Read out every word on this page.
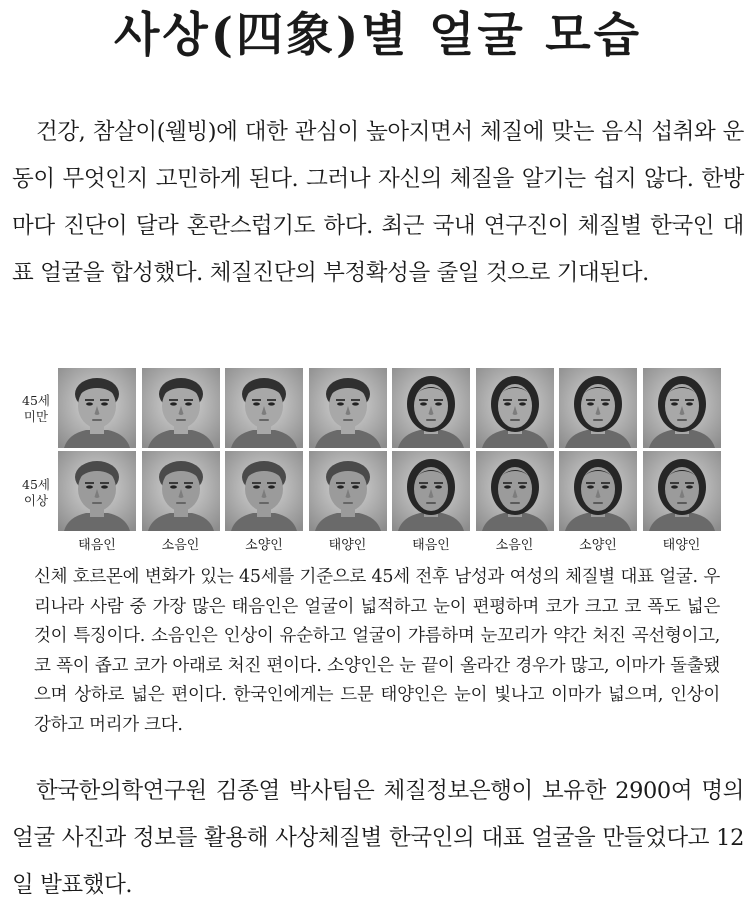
사상(四象)별 얼굴 모습

건강, 참살이(웰빙)에 대한 관심이 높아지면서 체질에 맞는 음식 섭취와 운동이 무엇인지 고민하게 된다. 그러나 자신의 체질을 알기는 쉽지 않다. 한방마다 진단이 달라 혼란스럽기도 하다. 최근 국내 연구진이 체질별 한국인 대표 얼굴을 합성했다. 체질진단의 부정확성을 줄일 것으로 기대된다.

45세
미만
45세
이상
태음인	소음인	소양인	태양인	태음인	소음인	소양인	태양인

신체 호르몬에 변화가 있는 45세를 기준으로 45세 전후 남성과 여성의 체질별 대표 얼굴. 우리나라 사람 중 가장 많은 태음인은 얼굴이 넓적하고 눈이 편평하며 코가 크고 코 폭도 넓은 것이 특징이다. 소음인은 인상이 유순하고 얼굴이 갸름하며 눈꼬리가 약간 처진 곡선형이고, 코 폭이 좁고 코가 아래로 처진 편이다. 소양인은 눈 끝이 올라간 경우가 많고, 이마가 돌출됐으며 상하로 넓은 편이다. 한국인에게는 드문 태양인은 눈이 빛나고 이마가 넓으며, 인상이 강하고 머리가 크다.

한국한의학연구원 김종열 박사팀은 체질정보은행이 보유한 2900여 명의 얼굴 사진과 정보를 활용해 사상체질별 한국인의 대표 얼굴을 만들었다고 12일 발표했다.
